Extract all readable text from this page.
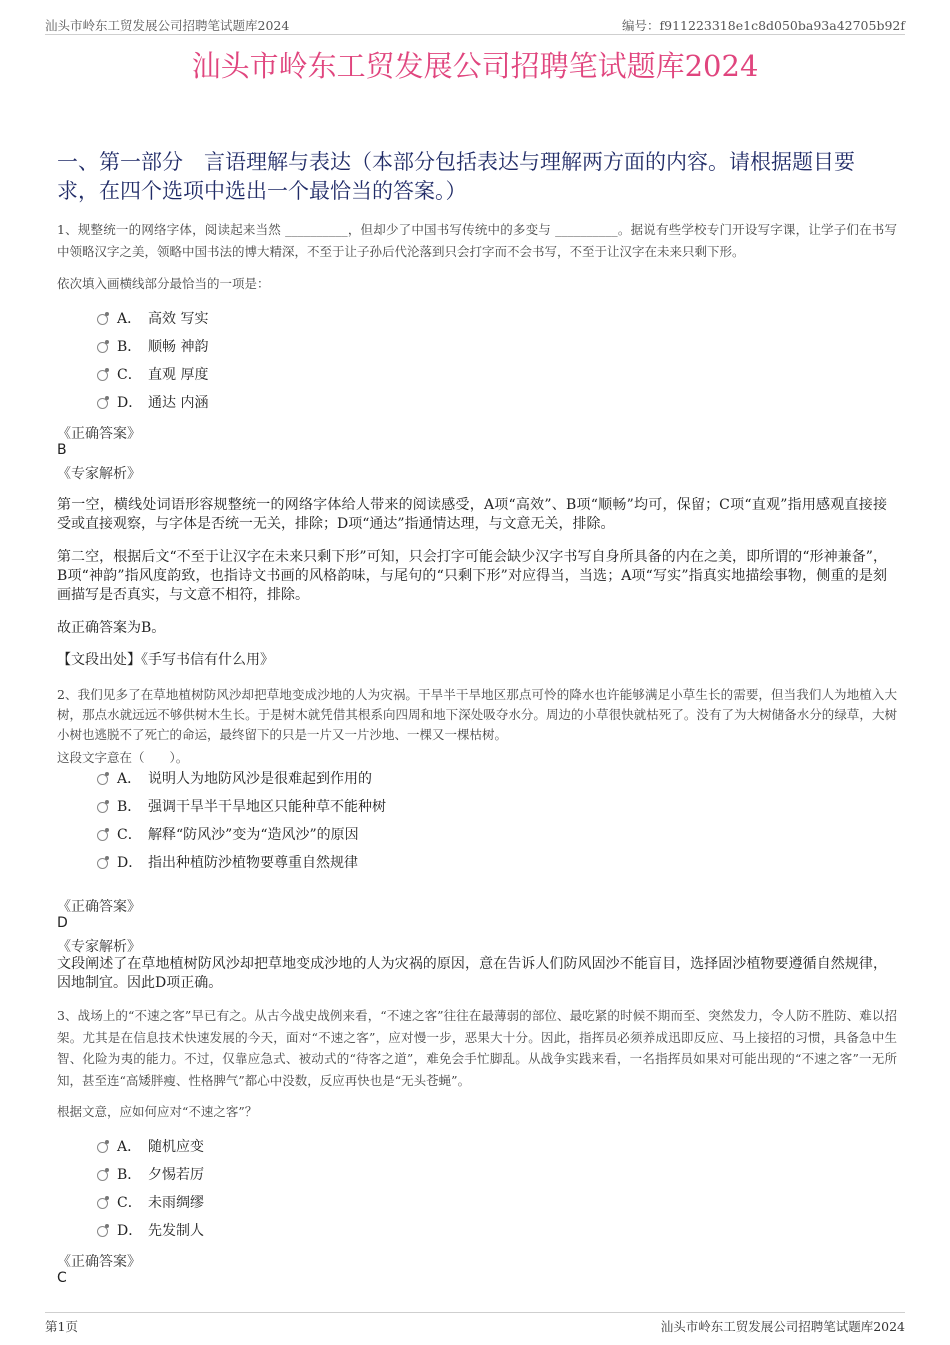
汕头市岭东工贸发展公司招聘笔试题库2024	编号：f911223318e1c8d050ba93a42705b92f
汕头市岭东工贸发展公司招聘笔试题库2024
一、第一部分　言语理解与表达（本部分包括表达与理解两方面的内容。请根据题目要求，在四个选项中选出一个最恰当的答案。）
1、规整统一的网络字体，阅读起来当然 __________，但却少了中国书写传统中的多变与 __________。据说有些学校专门开设写字课，让学子们在书写中领略汉字之美，领略中国书法的博大精深，不至于让子孙后代沦落到只会打字而不会书写，不至于让汉字在未来只剩下形。
依次填入画横线部分最恰当的一项是：
A． 高效 写实
B． 顺畅 神韵
C． 直观 厚度
D． 通达 内涵
《正确答案》
B
《专家解析》
第一空，横线处词语形容规整统一的网络字体给人带来的阅读感受，A项“高效”、B项“顺畅”均可，保留；C项“直观”指用感观直接接受或直接观察，与字体是否统一无关，排除；D项“通达”指通情达理，与文意无关，排除。
第二空，根据后文“不至于让汉字在未来只剩下形”可知，只会打字可能会缺少汉字书写自身所具备的内在之美，即所谓的“形神兼备”，B项“神韵”指风度韵致，也指诗文书画的风格韵味，与尾句的“只剩下形”对应得当，当选；A项“写实”指真实地描绘事物，侧重的是刻画描写是否真实，与文意不相符，排除。
故正确答案为B。
【文段出处】《手写书信有什么用》
2、我们见多了在草地植树防风沙却把草地变成沙地的人为灾祸。干旱半干旱地区那点可怜的降水也许能够满足小草生长的需要，但当我们人为地植入大树，那点水就远远不够供树木生长。于是树木就凭借其根系向四周和地下深处吸夺水分。周边的小草很快就枯死了。没有了为大树储备水分的绿草，大树小树也逃脱不了死亡的命运，最终留下的只是一片又一片沙地、一棵又一棵枯树。
这段文字意在（　　）。
A． 说明人为地防风沙是很难起到作用的
B． 强调干旱半干旱地区只能种草不能种树
C． 解释“防风沙”变为“造风沙”的原因
D． 指出种植防沙植物要尊重自然规律
《正确答案》
D
《专家解析》
文段阐述了在草地植树防风沙却把草地变成沙地的人为灾祸的原因，意在告诉人们防风固沙不能盲目，选择固沙植物要遵循自然规律，因地制宜。因此D项正确。
3、战场上的“不速之客”早已有之。从古今战史战例来看，“不速之客”往往在最薄弱的部位、最吃紧的时候不期而至、突然发力，令人防不胜防、难以招架。尤其是在信息技术快速发展的今天，面对“不速之客”，应对慢一步，恶果大十分。因此，指挥员必须养成迅即反应、马上接招的习惯，具备急中生智、化险为夷的能力。不过，仅靠应急式、被动式的“待客之道”，难免会手忙脚乱。从战争实践来看，一名指挥员如果对可能出现的“不速之客”一无所知，甚至连“高矮胖瘦、性格脾气”都心中没数，反应再快也是“无头苍蝇”。
根据文意，应如何应对“不速之客”？
A． 随机应变
B． 夕惕若厉
C． 未雨绸缪
D． 先发制人
《正确答案》
C
第1页	汕头市岭东工贸发展公司招聘笔试题库2024
